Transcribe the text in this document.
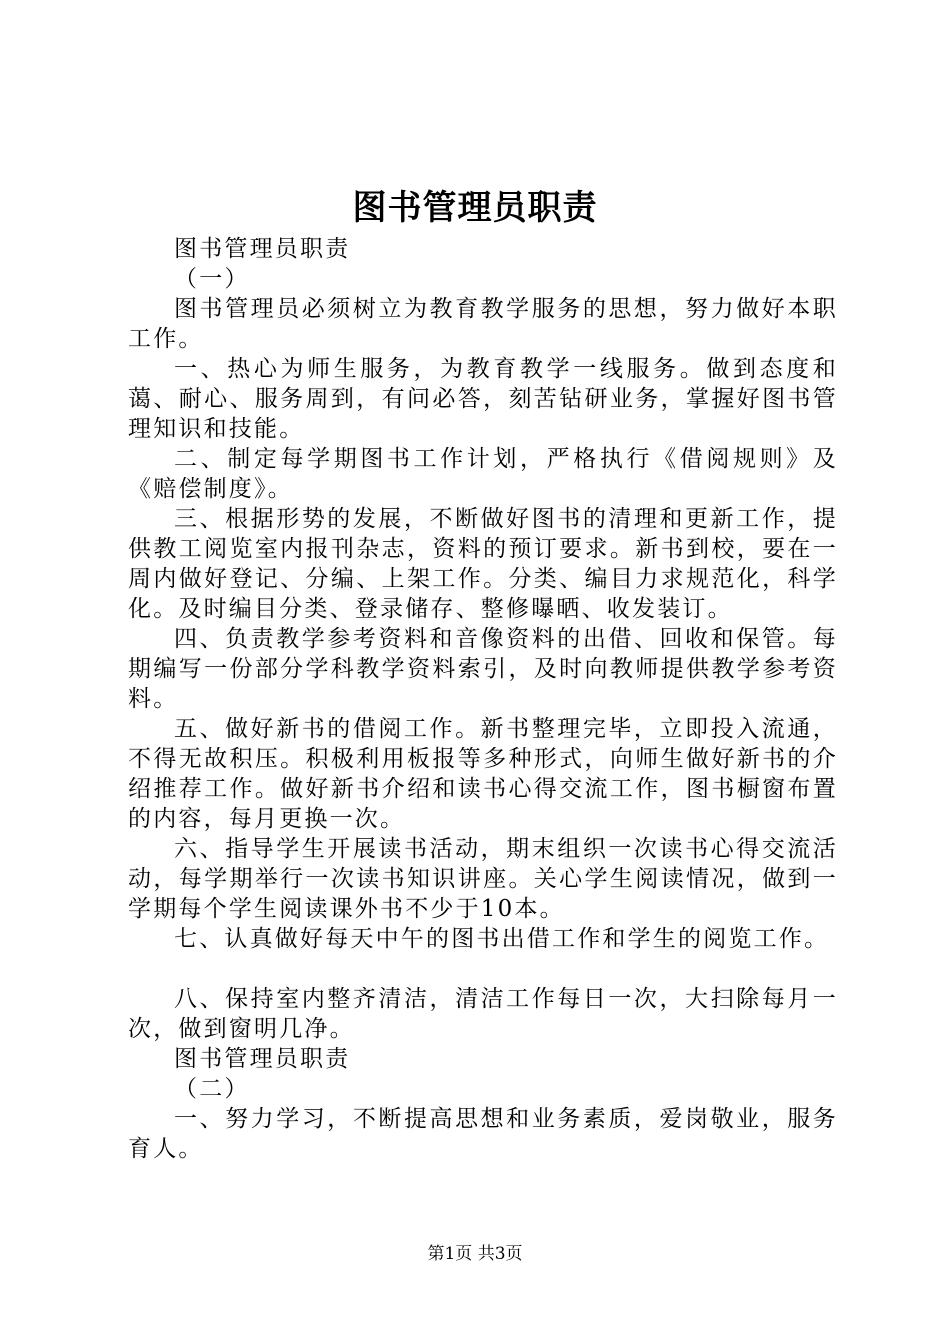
图书管理员职责

图书管理员职责

（一）

图书管理员必须树立为教育教学服务的思想，努力做好本职工作。

一、热心为师生服务，为教育教学一线服务。做到态度和蔼、耐心、服务周到，有问必答，刻苦钻研业务，掌握好图书管理知识和技能。

二、制定每学期图书工作计划，严格执行《借阅规则》及《赔偿制度》。

三、根据形势的发展，不断做好图书的清理和更新工作，提供教工阅览室内报刊杂志，资料的预订要求。新书到校，要在一周内做好登记、分编、上架工作。分类、编目力求规范化，科学化。及时编目分类、登录储存、整修曝晒、收发装订。

四、负责教学参考资料和音像资料的出借、回收和保管。每期编写一份部分学科教学资料索引，及时向教师提供教学参考资料。

五、做好新书的借阅工作。新书整理完毕，立即投入流通，不得无故积压。积极利用板报等多种形式，向师生做好新书的介绍推荐工作。做好新书介绍和读书心得交流工作，图书橱窗布置的内容，每月更换一次。

六、指导学生开展读书活动，期末组织一次读书心得交流活动，每学期举行一次读书知识讲座。关心学生阅读情况，做到一学期每个学生阅读课外书不少于10本。

七、认真做好每天中午的图书出借工作和学生的阅览工作。

八、保持室内整齐清洁，清洁工作每日一次，大扫除每月一次，做到窗明几净。

图书管理员职责

（二）

一、努力学习，不断提高思想和业务素质，爱岗敬业，服务育人。

第1页 共3页
